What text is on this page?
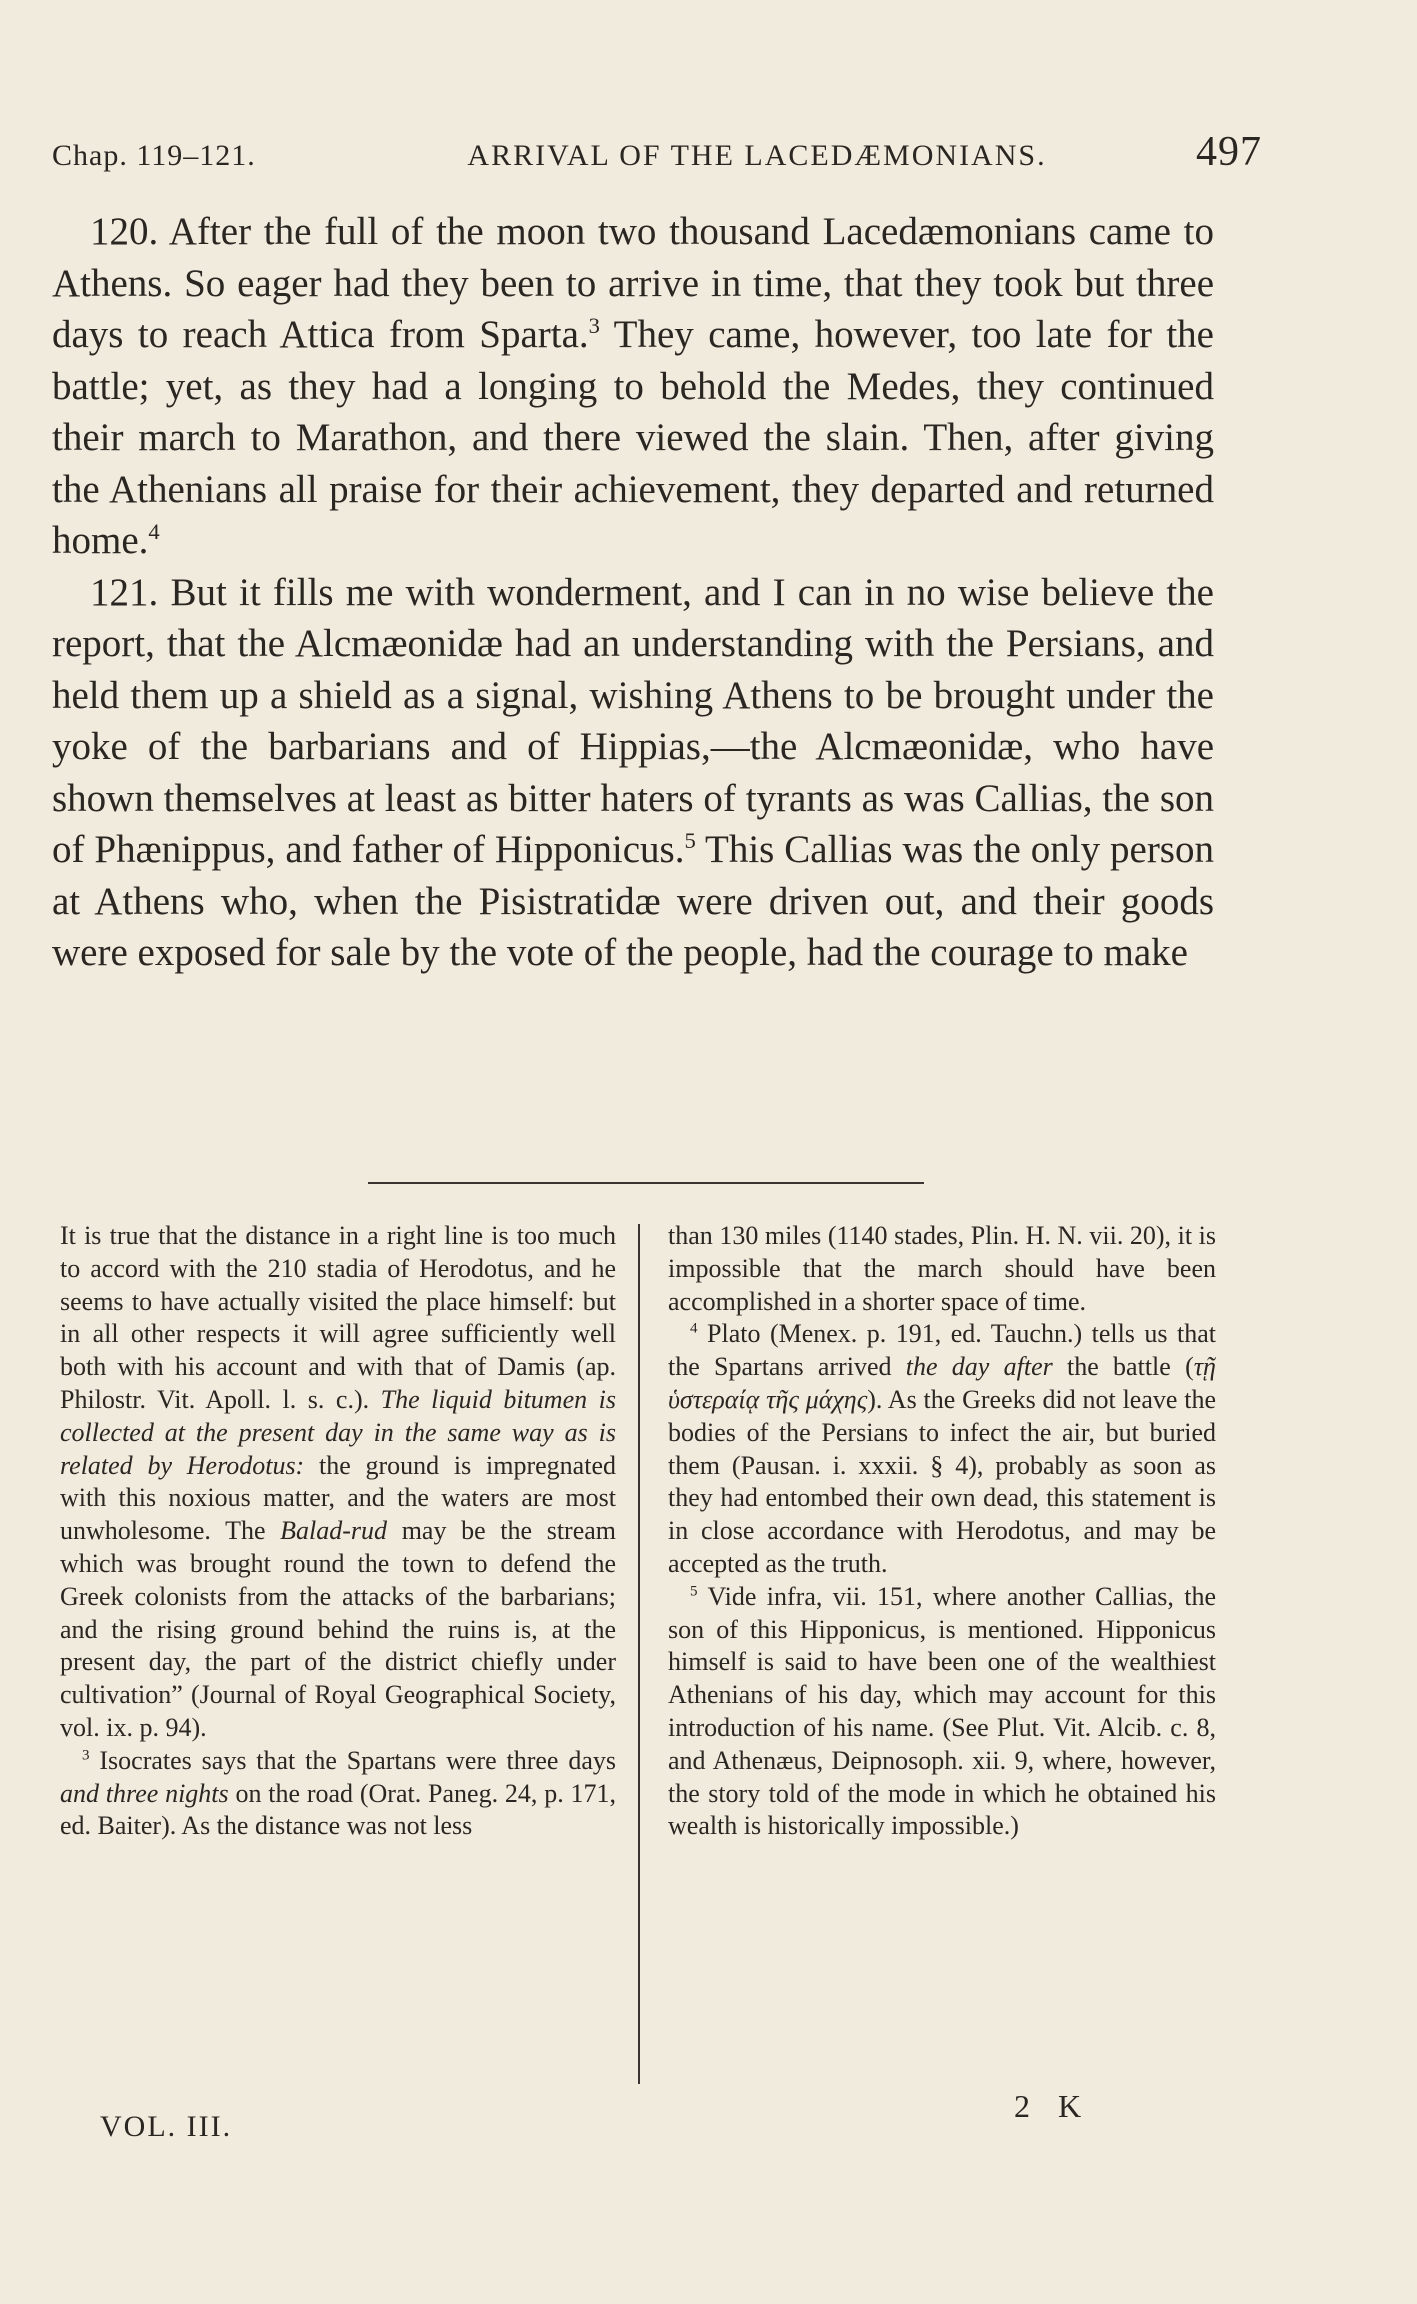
Chap. 119–121.	ARRIVAL OF THE LACEDÆMONIANS.	497

120. After the full of the moon two thousand Lacedæmonians came to Athens. So eager had they been to arrive in time, that they took but three days to reach Attica from Sparta.$^3$ They came, however, too late for the battle; yet, as they had a longing to behold the Medes, they continued their march to Marathon, and there viewed the slain. Then, after giving the Athenians all praise for their achievement, they departed and returned home.$^4$

121. But it fills me with wonderment, and I can in no wise believe the report, that the Alcmæonidæ had an understanding with the Persians, and held them up a shield as a signal, wishing Athens to be brought under the yoke of the barbarians and of Hippias,—the Alcmæonidæ, who have shown themselves at least as bitter haters of tyrants as was Callias, the son of Phænippus, and father of Hipponicus.$^5$ This Callias was the only person at Athens who, when the Pisistratidæ were driven out, and their goods were exposed for sale by the vote of the people, had the courage to make

It is true that the distance in a right line is too much to accord with the 210 stadia of Herodotus, and he seems to have actually visited the place himself: but in all other respects it will agree sufficiently well both with his account and with that of Damis (ap. Philostr. Vit. Apoll. l. s. c.). The liquid bitumen is collected at the present day in the same way as is related by Herodotus: the ground is impregnated with this noxious matter, and the waters are most unwholesome. The Balad-rud may be the stream which was brought round the town to defend the Greek colonists from the attacks of the barbarians; and the rising ground behind the ruins is, at the present day, the part of the district chiefly under cultivation” (Journal of Royal Geographical Society, vol. ix. p. 94).

$^3$ Isocrates says that the Spartans were three days and three nights on the road (Orat. Paneg. 24, p. 171, ed. Baiter). As the distance was not less

than 130 miles (1140 stades, Plin. H. N. vii. 20), it is impossible that the march should have been accomplished in a shorter space of time.

$^4$ Plato (Menex. p. 191, ed. Tauchn.) tells us that the Spartans arrived the day after the battle (τῇ ὑστεραίᾳ τῆς μάχης). As the Greeks did not leave the bodies of the Persians to infect the air, but buried them (Pausan. i. xxxii. § 4), probably as soon as they had entombed their own dead, this statement is in close accordance with Herodotus, and may be accepted as the truth.

$^5$ Vide infra, vii. 151, where another Callias, the son of this Hipponicus, is mentioned. Hipponicus himself is said to have been one of the wealthiest Athenians of his day, which may account for this introduction of his name. (See Plut. Vit. Alcib. c. 8, and Athenæus, Deipnosoph. xii. 9, where, however, the story told of the mode in which he obtained his wealth is historically impossible.)

VOL. III.
2 K
